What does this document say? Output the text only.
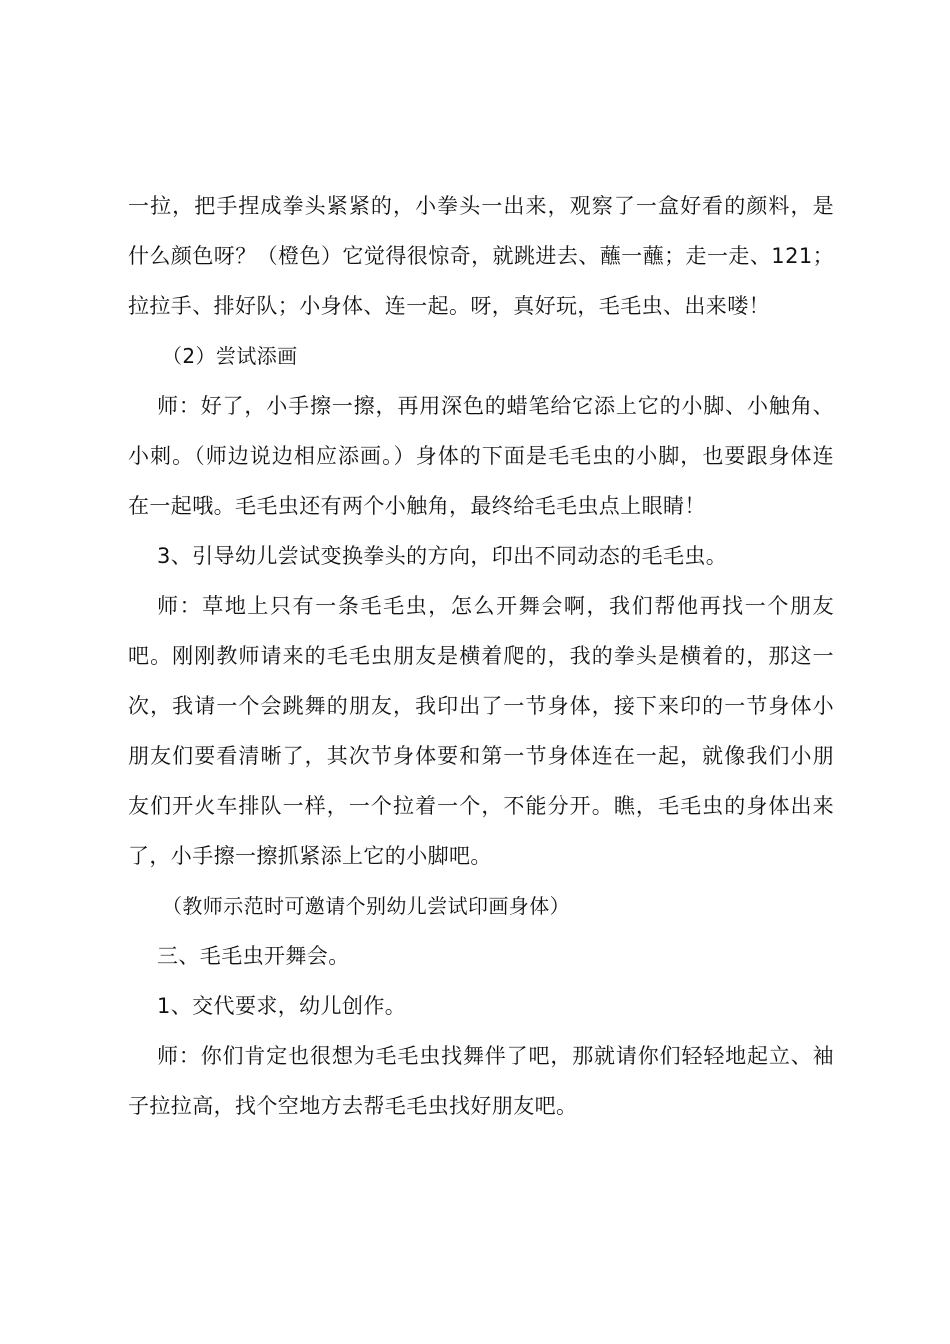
一拉，把手捏成拳头紧紧的，小拳头一出来，观察了一盒好看的颜料，是什么颜色呀？（橙色）它觉得很惊奇，就跳进去、蘸一蘸；走一走、121；拉拉手、排好队；小身体、连一起。呀，真好玩，毛毛虫、出来喽！

（2）尝试添画

师：好了，小手擦一擦，再用深色的蜡笔给它添上它的小脚、小触角、小刺。（师边说边相应添画。）身体的下面是毛毛虫的小脚，也要跟身体连在一起哦。毛毛虫还有两个小触角，最终给毛毛虫点上眼睛！

3、引导幼儿尝试变换拳头的方向，印出不同动态的毛毛虫。

师：草地上只有一条毛毛虫，怎么开舞会啊，我们帮他再找一个朋友吧。刚刚教师请来的毛毛虫朋友是横着爬的，我的拳头是横着的，那这一次，我请一个会跳舞的朋友，我印出了一节身体，接下来印的一节身体小朋友们要看清晰了，其次节身体要和第一节身体连在一起，就像我们小朋友们开火车排队一样，一个拉着一个，不能分开。瞧，毛毛虫的身体出来了，小手擦一擦抓紧添上它的小脚吧。

（教师示范时可邀请个别幼儿尝试印画身体）

三、毛毛虫开舞会。

1、交代要求，幼儿创作。

师：你们肯定也很想为毛毛虫找舞伴了吧，那就请你们轻轻地起立、袖子拉拉高，找个空地方去帮毛毛虫找好朋友吧。
